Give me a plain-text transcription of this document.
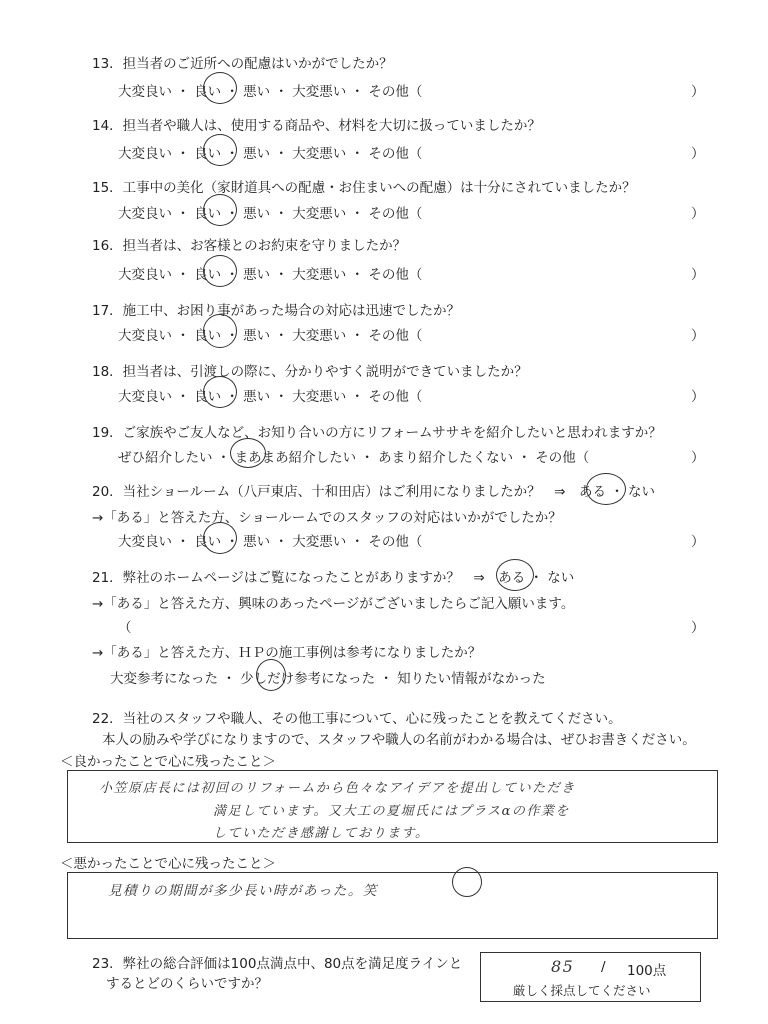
13．担当者のご近所への配慮はいかがでしたか？
大変良い ・ 良い ・ 悪い ・ 大変悪い ・ その他（	）
14．担当者や職人は、使用する商品や、材料を大切に扱っていましたか？
大変良い ・ 良い ・ 悪い ・ 大変悪い ・ その他（	）
15．工事中の美化（家財道具への配慮・お住まいへの配慮）は十分にされていましたか？
大変良い ・ 良い ・ 悪い ・ 大変悪い ・ その他（	）
16．担当者は、お客様とのお約束を守りましたか？
大変良い ・ 良い ・ 悪い ・ 大変悪い ・ その他（	）
17．施工中、お困り事があった場合の対応は迅速でしたか？
大変良い ・ 良い ・ 悪い ・ 大変悪い ・ その他（	）
18．担当者は、引渡しの際に、分かりやすく説明ができていましたか？
大変良い ・ 良い ・ 悪い ・ 大変悪い ・ その他（	）
19．ご家族やご友人など、お知り合いの方にリフォームササキを紹介したいと思われますか？
ぜひ紹介したい ・ まあまあ紹介したい ・ あまり紹介したくない ・ その他（	）
20．当社ショールーム（八戸東店、十和田店）はご利用になりましたか？　⇒　ある ・ ない
→「ある」と答えた方、ショールームでのスタッフの対応はいかがでしたか？
大変良い ・ 良い ・ 悪い ・ 大変悪い ・ その他（	）
21．弊社のホームページはご覧になったことがありますか？　⇒　ある ・ ない
→「ある」と答えた方、興味のあったページがございましたらご記入願います。
（	）
→「ある」と答えた方、ＨＰの施工事例は参考になりましたか？
大変参考になった ・ 少しだけ参考になった ・ 知りたい情報がなかった
22．当社のスタッフや職人、その他工事について、心に残ったことを教えてください。
本人の励みや学びになりますので、スタッフや職人の名前がわかる場合は、ぜひお書きください。
＜良かったことで心に残ったこと＞
小笠原店長には初回のリフォームから色々なアイデアを提出していただき
満足しています。又大工の夏堀氏にはプラスαの作業を
していただき感謝しております。
＜悪かったことで心に残ったこと＞
見積りの期間が多少長い時があった。笑
23．弊社の総合評価は100点満点中、80点を満足度ラインと
するとどのくらいですか？
85 / 100点
厳しく採点してください
